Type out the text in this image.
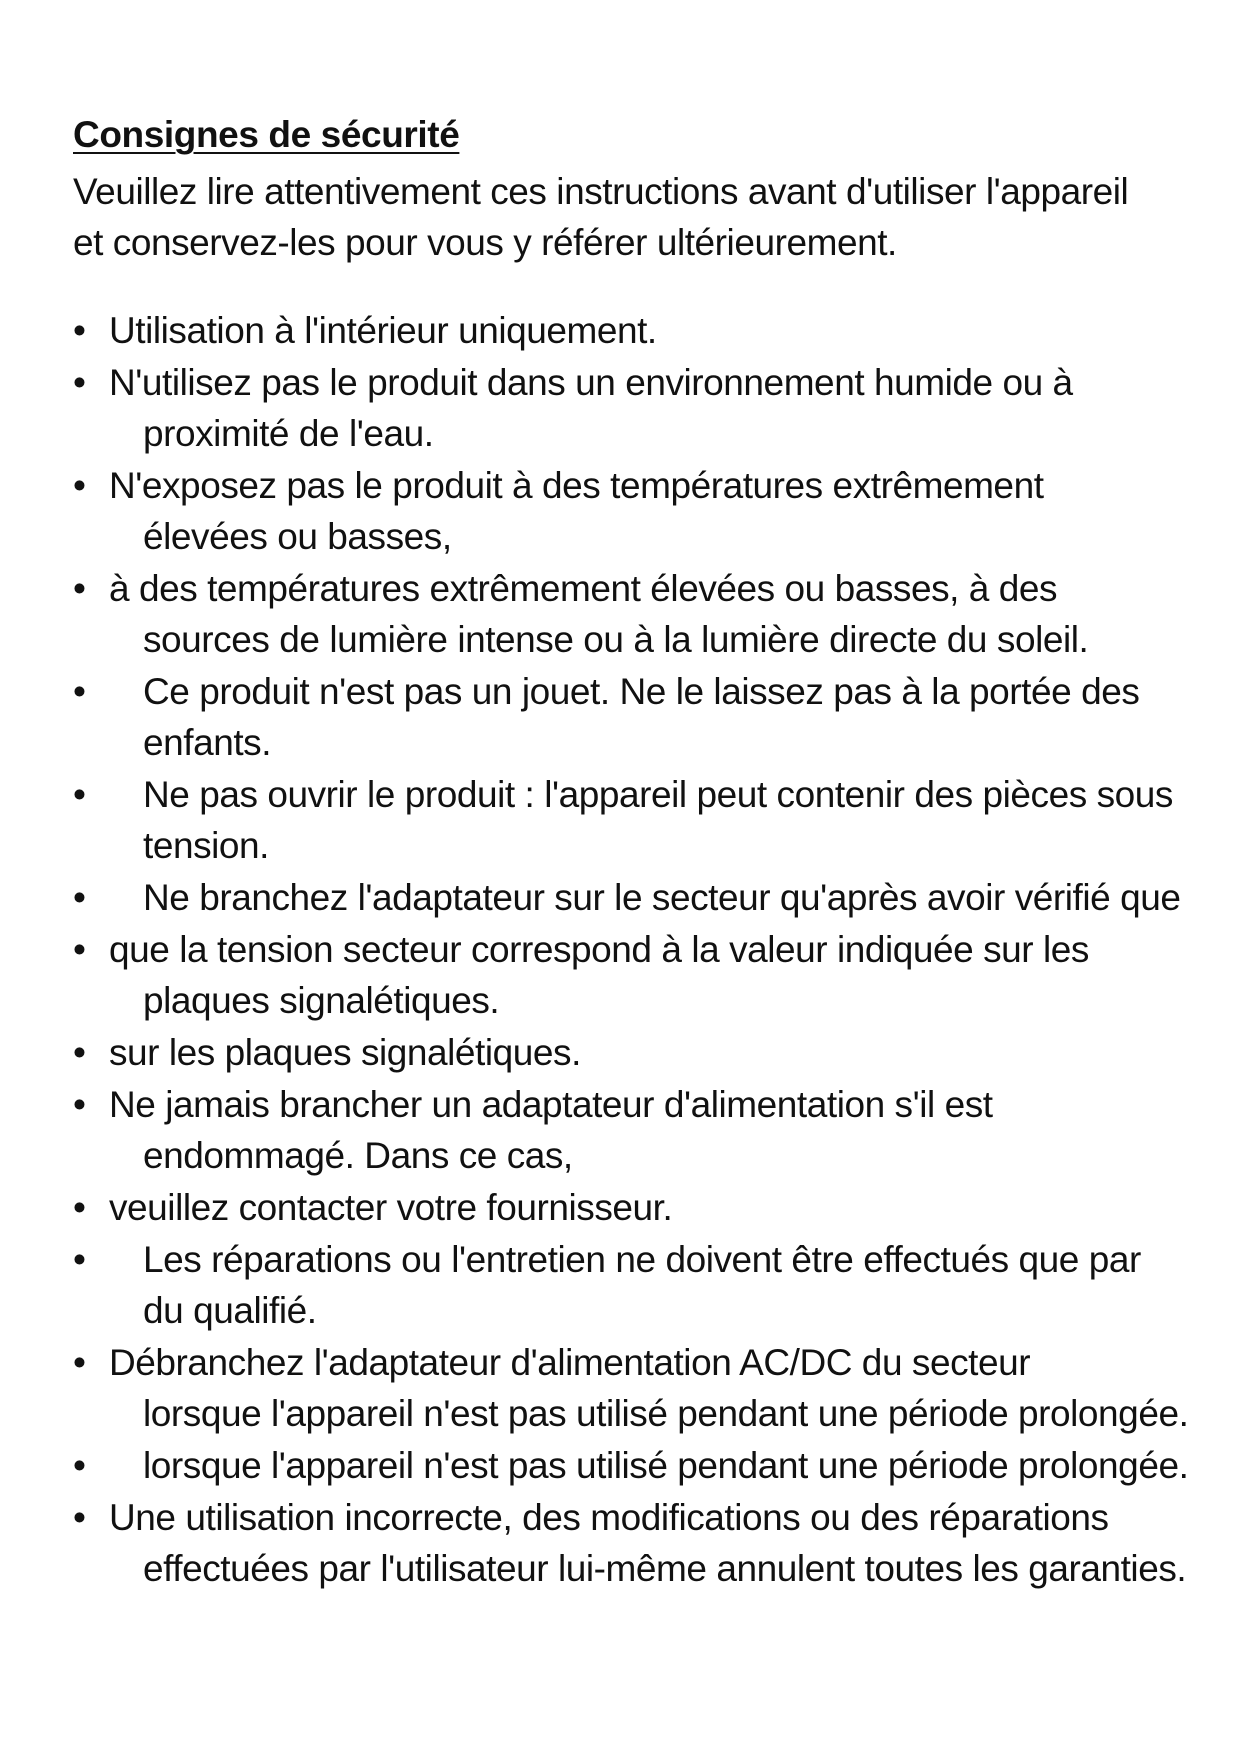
Consignes de sécurité

Veuillez lire attentivement ces instructions avant d'utiliser l'appareil
et conservez-les pour vous y référer ultérieurement.

• Utilisation à l'intérieur uniquement.
• N'utilisez pas le produit dans un environnement humide ou à
proximité de l'eau.
• N'exposez pas le produit à des températures extrêmement
élevées ou basses,
• à des températures extrêmement élevées ou basses, à des
sources de lumière intense ou à la lumière directe du soleil.
• Ce produit n'est pas un jouet. Ne le laissez pas à la portée des
enfants.
• Ne pas ouvrir le produit : l'appareil peut contenir des pièces sous
tension.
• Ne branchez l'adaptateur sur le secteur qu'après avoir vérifié que
• que la tension secteur correspond à la valeur indiquée sur les
plaques signalétiques.
• sur les plaques signalétiques.
• Ne jamais brancher un adaptateur d'alimentation s'il est
endommagé. Dans ce cas,
• veuillez contacter votre fournisseur.
• Les réparations ou l'entretien ne doivent être effectués que par
du qualifié.
• Débranchez l'adaptateur d'alimentation AC/DC du secteur
lorsque l'appareil n'est pas utilisé pendant une période prolongée.
• lorsque l'appareil n'est pas utilisé pendant une période prolongée.
• Une utilisation incorrecte, des modifications ou des réparations
effectuées par l'utilisateur lui-même annulent toutes les garanties.
